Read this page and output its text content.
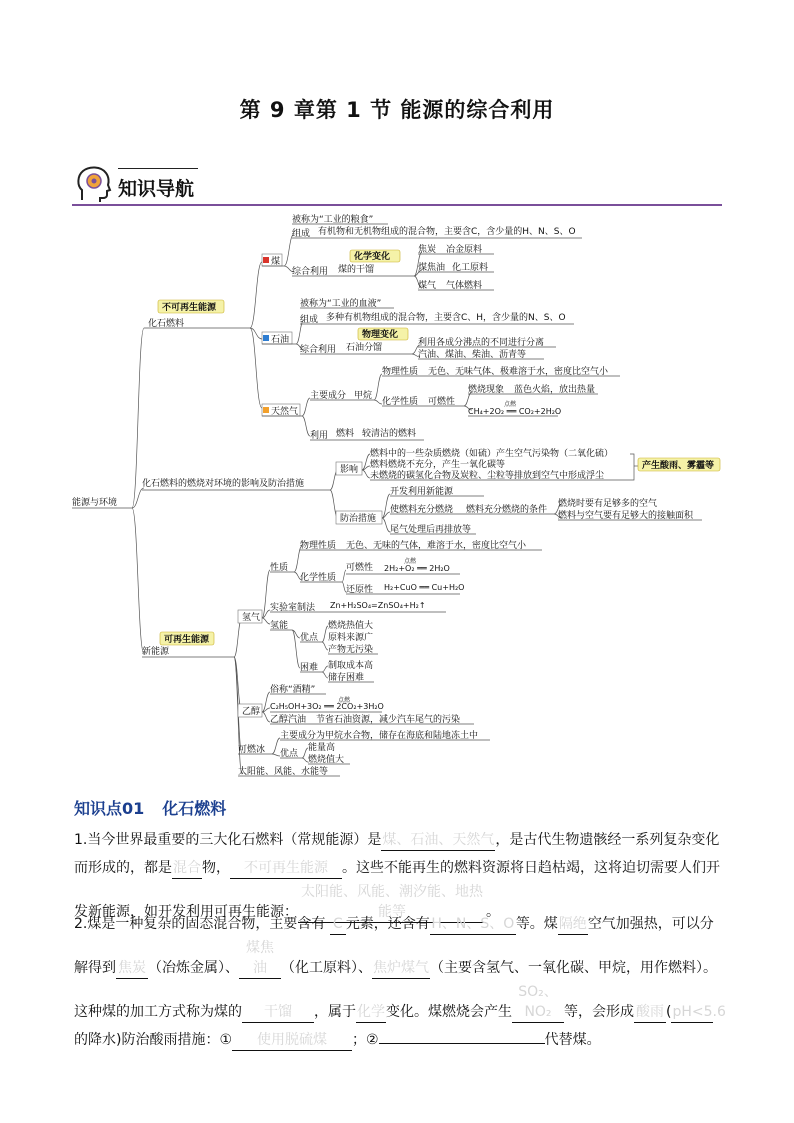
第 9 章第 1 节 能源的综合利用
知识导航
能源与环境
不可再生能源
化石燃料
煤
被称为“工业的粮食”
组成 有机物和无机物组成的混合物，主要含C，含少量的H、N、S、O
化学变化
综合利用 煤的干馏
焦炭 冶金原料
煤焦油 化工原料
煤气 气体燃料
石油
被称为“工业的血液”
组成 多种有机物组成的混合物，主要含C、H，含少量的N、S、O
物理变化
综合利用 石油分馏	利用各成分沸点的不同进行分离
汽油、煤油、柴油、沥青等
天然气
主要成分 甲烷
物理性质 无色、无味气体、极难溶于水，密度比空气小
化学性质 可燃性
燃烧现象 蓝色火焰，放出热量
点燃
CH₄+2O₂ ══ CO₂+2H₂O
利用 燃料 较清洁的燃料
化石燃料的燃烧对环境的影响及防治措施
影响
燃料中的一些杂质燃烧（如硫）产生空气污染物（二氧化硫）
燃料燃烧不充分，产生一氧化碳等
未燃烧的碳氢化合物及炭粒、尘粒等排放到空气中形成浮尘
产生酸雨、雾霾等
防治措施
开发利用新能源
使燃料充分燃烧 燃料充分燃烧的条件
燃烧时要有足够多的空气
燃料与空气要有足够大的接触面积
尾气处理后再排放等
可再生能源
新能源
氢气
性质
物理性质 无色、无味的气体，难溶于水，密度比空气小
化学性质
可燃性
点燃
2H₂+O₂ ══ 2H₂O
还原性 H₂+CuO ══ Cu+H₂O
实验室制法 Zn+H₂SO₄=ZnSO₄+H₂↑
氢能
优点
燃烧热值大
原料来源广
产物无污染
困难 制取成本高
储存困难
乙醇
俗称“酒精”
点燃
C₂H₅OH+3O₂ ══ 2CO₂+3H₂O
乙醇汽油 节省石油资源，减少汽车尾气的污染
可燃冰
主要成分为甲烷水合物，储存在海底和陆地冻土中
优点
能量高
燃烧值大
太阳能、风能、水能等
知识点01 化石燃料
1.当今世界最重要的三大化石燃料（常规能源）是煤、石油、天然气，是古代生物遗骸经一系列复杂变化而形成的，都是混合物， 不可再生能源 。这些不能再生的燃料资源将日趋枯竭，这将迫切需要人们开发新能源，如开发利用可再生能源：太阳能、风能、潮汐能、地热能等	。
2.煤是一种复杂的固态混合物，主要含有 C 元素，还含有 H、N、S、O 等。煤隔绝空气加强热，可以分解得到 焦炭 （冶炼金属）、煤焦油 （化工原料）、焦炉煤气（主要含氢气、一氧化碳、甲烷，用作燃料）。这种煤的加工方式称为煤的 干馏 ，属于化学变化。煤燃烧会产生SO₂、NO₂ 等，会形成 酸雨 (pH<5.6的降水)防治酸雨措施：① 使用脱硫煤 ；②	代替煤。
